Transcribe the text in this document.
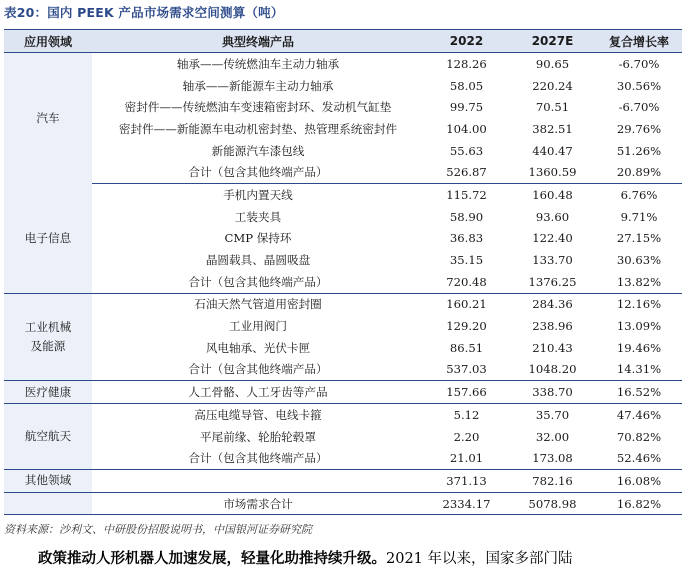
表20：国内 PEEK 产品市场需求空间测算（吨）
应用领域	典型终端产品	2022	2027E	复合增长率
汽车	轴承——传统燃油车主动力轴承	128.26	90.65	-6.70%
	轴承——新能源车主动力轴承	58.05	220.24	30.56%
	密封件——传统燃油车变速箱密封环、发动机气缸垫	99.75	70.51	-6.70%
	密封件——新能源车电动机密封垫、热管理系统密封件	104.00	382.51	29.76%
	新能源汽车漆包线	55.63	440.47	51.26%
	合计（包含其他终端产品）	526.87	1360.59	20.89%
电子信息	手机内置天线	115.72	160.48	6.76%
	工装夹具	58.90	93.60	9.71%
	CMP 保持环	36.83	122.40	27.15%
	晶圆载具、晶圆吸盘	35.15	133.70	30.63%
	合计（包含其他终端产品）	720.48	1376.25	13.82%

工业机械
及能源	石油天然气管道用密封圈	160.21	284.36	12.16%
	工业用阀门	129.20	238.96	13.09%
	风电轴承、光伏卡匣	86.51	210.43	19.46%
	合计（包含其他终端产品）	537.03	1048.20	14.31%
医疗健康	人工骨骼、人工牙齿等产品	157.66	338.70	16.52%
航空航天	高压电缆导管、电线卡箍	5.12	35.70	47.46%
	平尾前缘、轮胎轮毂罩	2.20	32.00	70.82%
	合计（包含其他终端产品）	21.01	173.08	52.46%
其他领域		371.13	782.16	16.08%
	市场需求合计	2334.17	5078.98	16.82%
资料来源：沙利文、中研股份招股说明书，中国银河证券研究院
政策推动人形机器人加速发展，轻量化助推持续升级。2021 年以来，国家多部门陆
